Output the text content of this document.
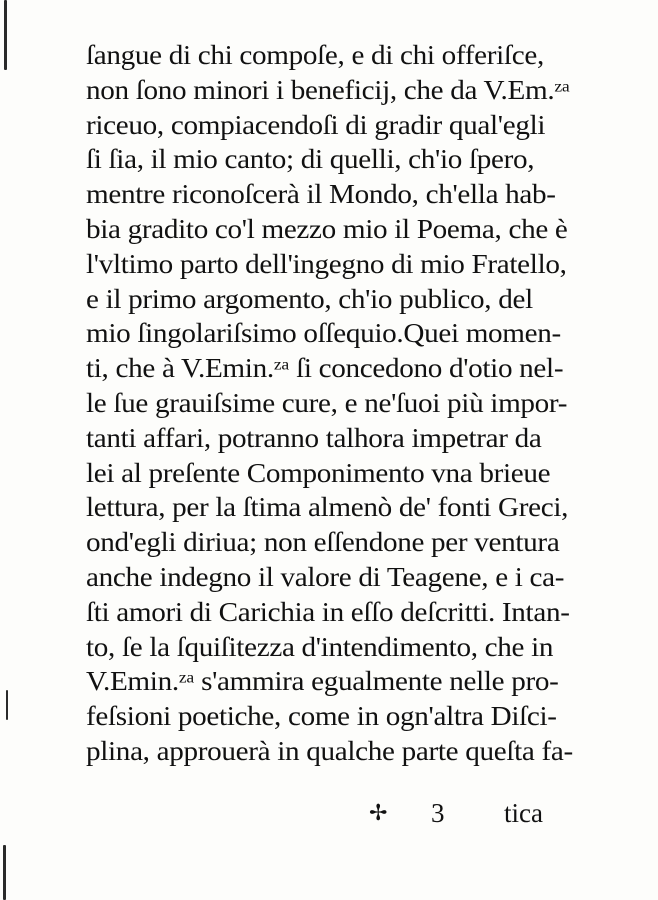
ſangue di chi compoſe, e di chi offeriſce,
non ſono minori i beneficij, che da V.Em.ᶻᵃ
riceuo, compiacendoſi di gradir qual'egli
ſi ſia, il mio canto; di quelli, ch'io ſpero,
mentre riconoſcerà il Mondo, ch'ella hab-
bia gradito co'l mezzo mio il Poema, che è
l'vltimo parto dell'ingegno di mio Fratello,
e il primo argomento, ch'io publico, del
mio ſingolariſsimo oſſequio.Quei momen-
ti, che à V.Emin.ᶻᵃ ſi concedono d'otio nel-
le ſue grauiſsime cure, e ne'ſuoi più impor-
tanti affari, potranno talhora impetrar da
lei al preſente Componimento vna brieue
lettura, per la ſtima almenò de' fonti Greci,
ond'egli diriua; non eſſendone per ventura
anche indegno il valore di Teagene, e i ca-
ſti amori di Carichia in eſſo deſcritti. Intan-
to, ſe la ſquiſitezza d'intendimento, che in
V.Emin.ᶻᵃ s'ammira egualmente nelle pro-
feſsioni poetiche, come in ogn'altra Diſci-
plina, approuerà in qualche parte queſta fa-
✢ 3 tica
